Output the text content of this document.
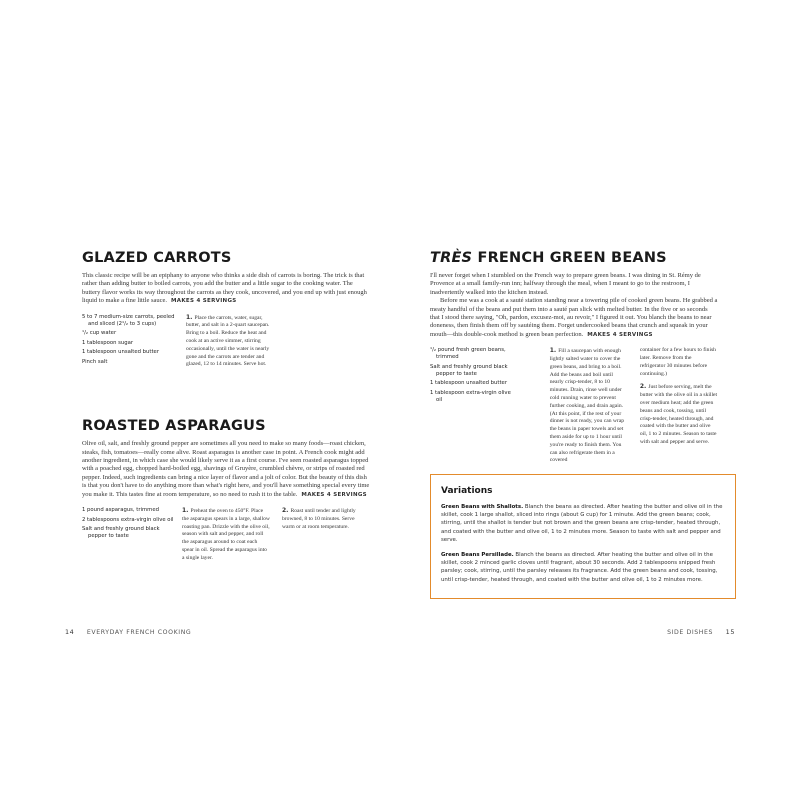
GLAZED CARROTS

This classic recipe will be an epiphany to anyone who thinks a side dish of carrots is boring. The trick is that rather than adding butter to boiled carrots, you add the butter and a little sugar to the cooking water. The buttery flavor works its way throughout the carrots as they cook, uncovered, and you end up with just enough liquid to make a fine little sauce. MAKES 4 SERVINGS

5 to 7 medium-size carrots, peeled and sliced (2¹/₂ to 3 cups)
¹/₂ cup water
1 tablespoon sugar
1 tablespoon unsalted butter
Pinch salt

1. Place the carrots, water, sugar, butter, and salt in a 2-quart saucepan. Bring to a boil. Reduce the heat and cook at an active simmer, stirring occasionally, until the water is nearly gone and the carrots are tender and glazed, 12 to 14 minutes. Serve hot.

ROASTED ASPARAGUS

Olive oil, salt, and freshly ground pepper are sometimes all you need to make so many foods—roast chicken, steaks, fish, tomatoes—really come alive. Roast asparagus is another case in point. A French cook might add another ingredient, in which case she would likely serve it as a first course. I've seen roasted asparagus topped with a poached egg, chopped hard-boiled egg, shavings of Gruyère, crumbled chèvre, or strips of roasted red pepper. Indeed, such ingredients can bring a nice layer of flavor and a jolt of color. But the beauty of this dish is that you don't have to do anything more than what's right here, and you'll have something special every time you make it. This tastes fine at room temperature, so no need to rush it to the table. MAKES 4 SERVINGS

1 pound asparagus, trimmed
2 tablespoons extra-virgin olive oil
Salt and freshly ground black pepper to taste

1. Preheat the oven to 450°F. Place the asparagus spears in a large, shallow roasting pan. Drizzle with the olive oil, season with salt and pepper, and roll the asparagus around to coat each spear in oil. Spread the asparagus into a single layer.

2. Roast until tender and lightly browned, 8 to 10 minutes. Serve warm or at room temperature.

TRÈS FRENCH GREEN BEANS

I'll never forget when I stumbled on the French way to prepare green beans. I was dining in St. Rémy de Provence at a small family-run inn; halfway through the meal, when I meant to go to the restroom, I inadvertently walked into the kitchen instead.

Before me was a cook at a sauté station standing near a towering pile of cooked green beans. He grabbed a meaty handful of the beans and put them into a sauté pan slick with melted butter. In the five or so seconds that I stood there saying, "Oh, pardon, excusez-moi, au revoir," I figured it out. You blanch the beans to near doneness, then finish them off by sautéing them. Forget undercooked beans that crunch and squeak in your mouth—this double-cook method is green bean perfection. MAKES 4 SERVINGS

¹/₂ pound fresh green beans, trimmed
Salt and freshly ground black pepper to taste
1 tablespoon unsalted butter
1 tablespoon extra-virgin olive oil

1. Fill a saucepan with enough lightly salted water to cover the green beans, and bring to a boil. Add the beans and boil until nearly crisp-tender, 8 to 10 minutes. Drain, rinse well under cold running water to prevent further cooking, and drain again. (At this point, if the rest of your dinner is not ready, you can wrap the beans in paper towels and set them aside for up to 1 hour until you're ready to finish them. You can also refrigerate them in a covered

container for a few hours to finish later. Remove from the refrigerator 30 minutes before continuing.)

2. Just before serving, melt the butter with the olive oil in a skillet over medium heat; add the green beans and cook, tossing, until crisp-tender, heated through, and coated with the butter and olive oil, 1 to 2 minutes. Season to taste with salt and pepper and serve.

Variations

Green Beans with Shallots. Blanch the beans as directed. After heating the butter and olive oil in the skillet, cook 1 large shallot, sliced into rings (about G cup) for 1 minute. Add the green beans; cook, stirring, until the shallot is tender but not brown and the green beans are crisp-tender, heated through, and coated with the butter and olive oil, 1 to 2 minutes more. Season to taste with salt and pepper and serve.

Green Beans Persillade. Blanch the beans as directed. After heating the butter and olive oil in the skillet, cook 2 minced garlic cloves until fragrant, about 30 seconds. Add 2 tablespoons snipped fresh parsley; cook, stirring, until the parsley releases its fragrance. Add the green beans and cook, tossing, until crisp-tender, heated through, and coated with the butter and olive oil, 1 to 2 minutes more.

14 EVERYDAY FRENCH COOKING	SIDE DISHES 15
